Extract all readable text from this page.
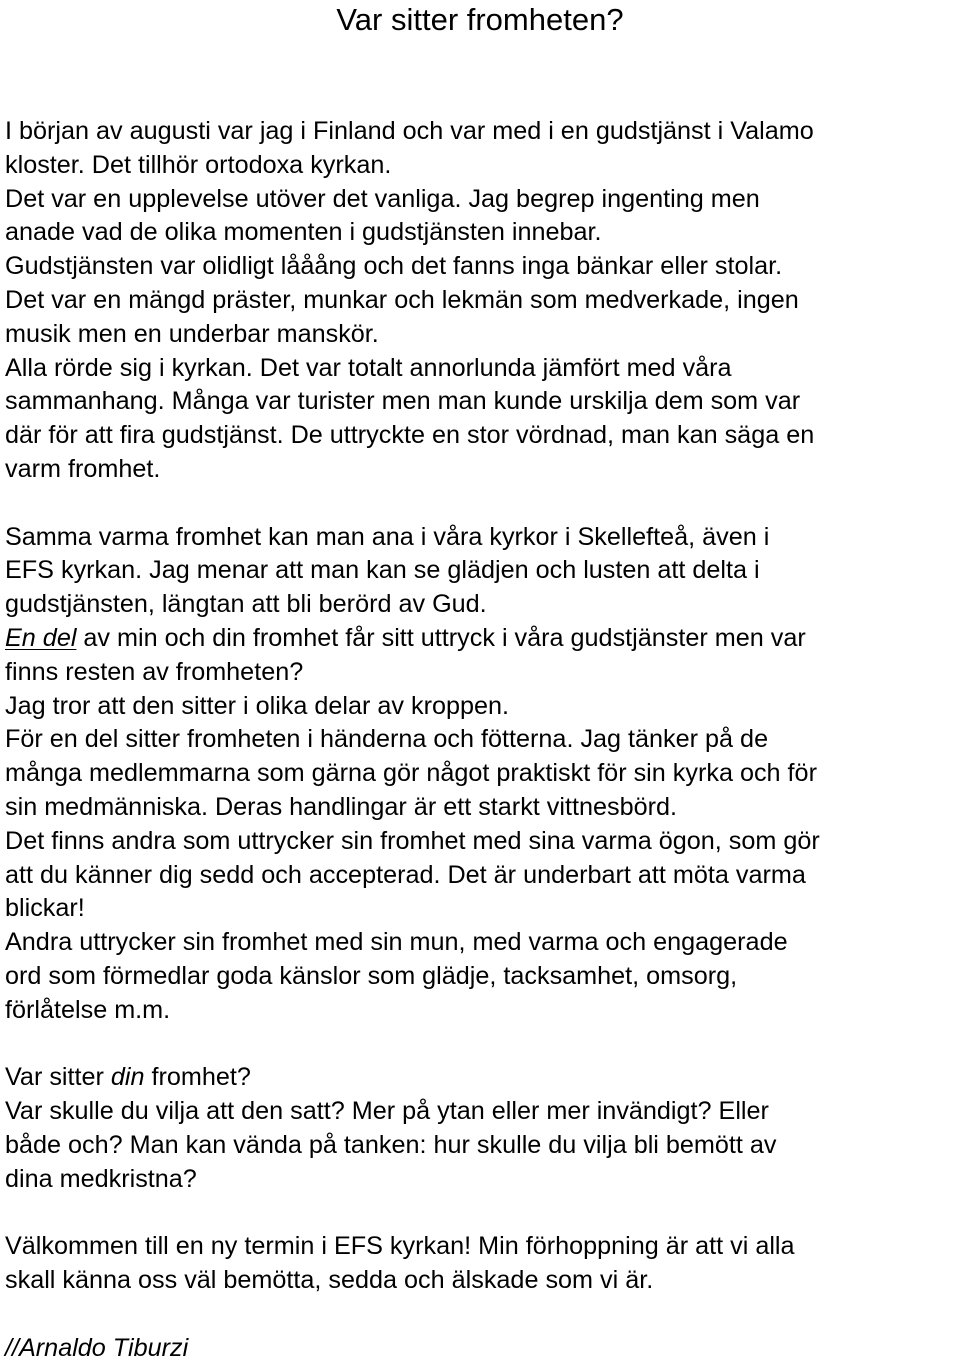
Var sitter fromheten?
I början av augusti var jag i Finland och var med i en gudstjänst i Valamo
kloster. Det tillhör ortodoxa kyrkan.
Det var en upplevelse utöver det vanliga. Jag begrep ingenting men
anade vad de olika momenten i gudstjänsten innebar.
Gudstjänsten var olidligt lååång och det fanns inga bänkar eller stolar.
Det var en mängd präster, munkar och lekmän som medverkade, ingen
musik men en underbar manskör.
Alla rörde sig i kyrkan. Det var totalt annorlunda jämfört med våra
sammanhang. Många var turister men man kunde urskilja dem som var
där för att fira gudstjänst. De uttryckte en stor vördnad, man kan säga en
varm fromhet.
Samma varma fromhet kan man ana i våra kyrkor i Skellefteå, även i
EFS kyrkan. Jag menar att man kan se glädjen och lusten att delta i
gudstjänsten, längtan att bli berörd av Gud.
En del av min och din fromhet får sitt uttryck i våra gudstjänster men var
finns resten av fromheten?
Jag tror att den sitter i olika delar av kroppen.
För en del sitter fromheten i händerna och fötterna. Jag tänker på de
många medlemmarna som gärna gör något praktiskt för sin kyrka och för
sin medmänniska. Deras handlingar är ett starkt vittnesbörd.
Det finns andra som uttrycker sin fromhet med sina varma ögon, som gör
att du känner dig sedd och accepterad. Det är underbart att möta varma
blickar!
Andra uttrycker sin fromhet med sin mun, med varma och engagerade
ord som förmedlar goda känslor som glädje, tacksamhet, omsorg,
förlåtelse m.m.
Var sitter din fromhet?
Var skulle du vilja att den satt? Mer på ytan eller mer invändigt? Eller
både och? Man kan vända på tanken: hur skulle du vilja bli bemött av
dina medkristna?
Välkommen till en ny termin i EFS kyrkan! Min förhoppning är att vi alla
skall känna oss väl bemötta, sedda och älskade som vi är.
//Arnaldo Tiburzi
